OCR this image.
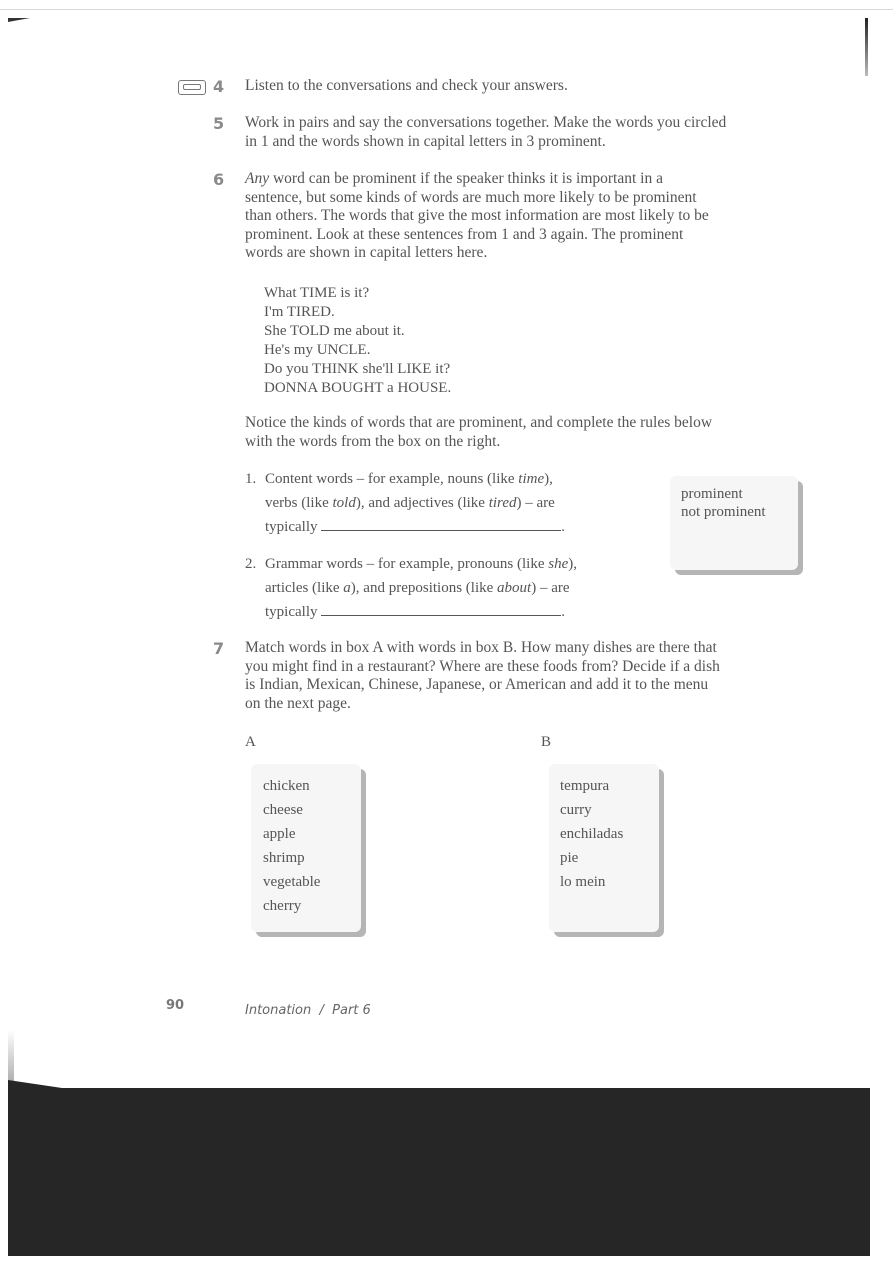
4 Listen to the conversations and check your answers.
5 Work in pairs and say the conversations together. Make the words you circled
in 1 and the words shown in capital letters in 3 prominent.
6 Any word can be prominent if the speaker thinks it is important in a
sentence, but some kinds of words are much more likely to be prominent
than others. The words that give the most information are most likely to be
prominent. Look at these sentences from 1 and 3 again. The prominent
words are shown in capital letters here.
What TIME is it?
I'm TIRED.
She TOLD me about it.
He's my UNCLE.
Do you THINK she'll LIKE it?
DONNA BOUGHT a HOUSE.
Notice the kinds of words that are prominent, and complete the rules below
with the words from the box on the right.
1. Content words – for example, nouns (like time),
verbs (like told), and adjectives (like tired) – are
typically	.
2. Grammar words – for example, pronouns (like she),
articles (like a), and prepositions (like about) – are
typically	.
prominent
not prominent
7 Match words in box A with words in box B. How many dishes are there that
you might find in a restaurant? Where are these foods from? Decide if a dish
is Indian, Mexican, Chinese, Japanese, or American and add it to the menu
on the next page.
A	B
chicken
cheese
apple
shrimp
vegetable
cherry
tempura
curry
enchiladas
pie
lo mein
90	Intonation  /  Part 6
